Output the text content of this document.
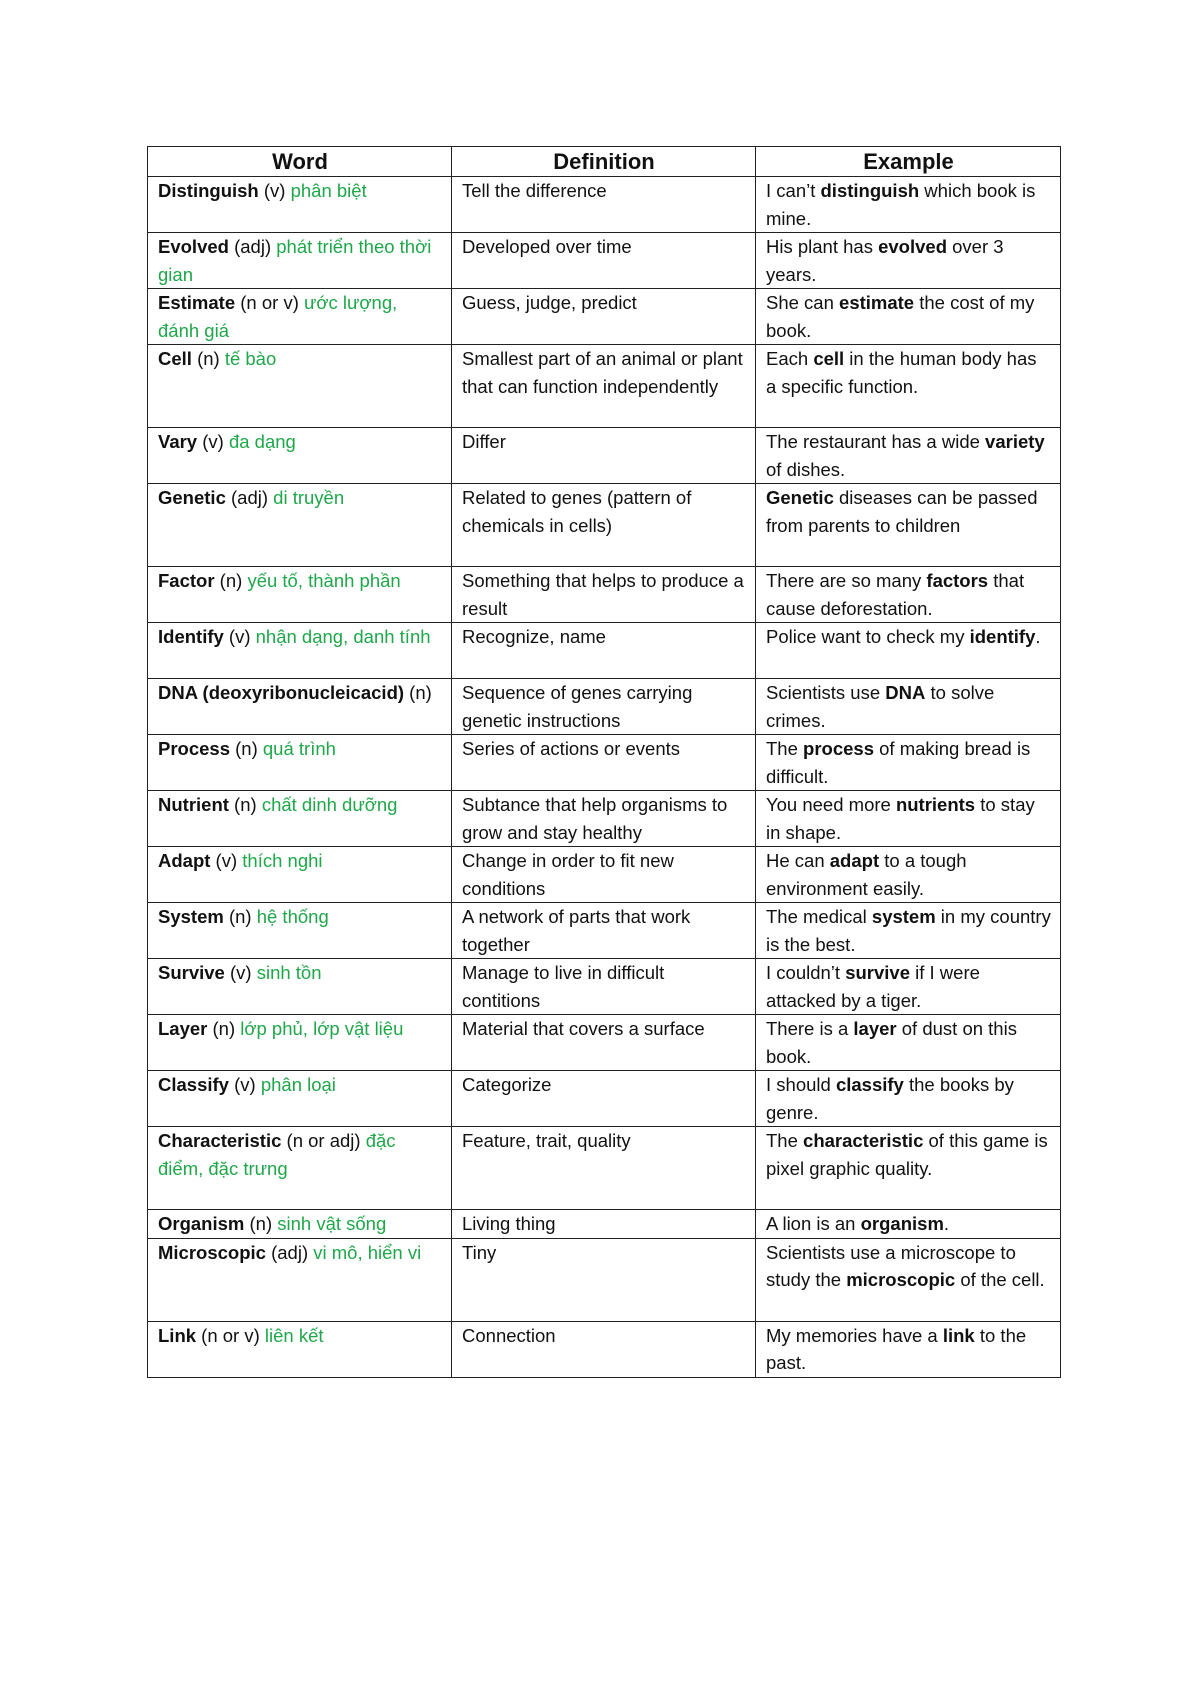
Word	Definition	Example
Distinguish (v) phân biệt	Tell the difference	I can’t distinguish which book is mine.
Evolved (adj) phát triển theo thời gian	Developed over time	His plant has evolved over 3 years.
Estimate (n or v) ước lượng, đánh giá	Guess, judge, predict	She can estimate the cost of my book.
Cell (n) tế bào	Smallest part of an animal or plant that can function independently	Each cell in the human body has a specific function.
Vary (v) đa dạng	Differ	The restaurant has a wide variety of dishes.
Genetic (adj) di truyền	Related to genes (pattern of chemicals in cells)	Genetic diseases can be passed from parents to children
Factor (n) yếu tố, thành phần	Something that helps to produce a result	There are so many factors that cause deforestation.
Identify (v) nhận dạng, danh tính	Recognize, name	Police want to check my identify.
DNA (deoxyribonucleicacid) (n)	Sequence of genes carrying genetic instructions	Scientists use DNA to solve crimes.
Process (n) quá trình	Series of actions or events	The process of making bread is difficult.
Nutrient (n) chất dinh dưỡng	Subtance that help organisms to grow and stay healthy	You need more nutrients to stay in shape.
Adapt (v) thích nghi	Change in order to fit new conditions	He can adapt to a tough environment easily.
System (n) hệ thống	A network of parts that work together	The medical system in my country is the best.
Survive (v) sinh tồn	Manage to live in difficult contitions	I couldn’t survive if I were attacked by a tiger.
Layer (n) lớp phủ, lớp vật liệu	Material that covers a surface	There is a layer of dust on this book.
Classify (v) phân loại	Categorize	I should classify the books by genre.
Characteristic (n or adj) đặc điểm, đặc trưng	Feature, trait, quality	The characteristic of this game is pixel graphic quality.
Organism (n) sinh vật sống	Living thing	A lion is an organism.
Microscopic (adj) vi mô, hiển vi	Tiny	Scientists use a microscope to study the microscopic of the cell.
Link (n or v) liên kết	Connection	My memories have a link to the past.
